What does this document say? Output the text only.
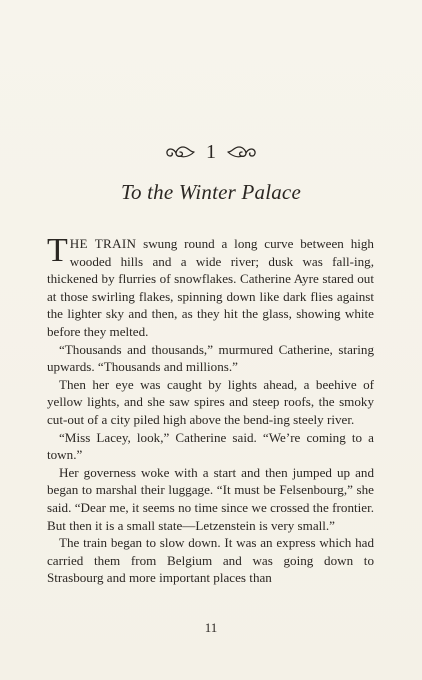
1
To the Winter Palace

THE TRAIN swung round a long curve between high wooded hills and a wide river; dusk was fall-ing, thickened by flurries of snowflakes. Catherine Ayre stared out at those swirling flakes, spinning down like dark flies against the lighter sky and then, as they hit the glass, showing white before they melted.

“Thousands and thousands,” murmured Catherine, staring upwards. “Thousands and millions.”

Then her eye was caught by lights ahead, a beehive of yellow lights, and she saw spires and steep roofs, the smoky cut-out of a city piled high above the bend-ing steely river.

“Miss Lacey, look,” Catherine said. “We’re coming to a town.”

Her governess woke with a start and then jumped up and began to marshal their luggage. “It must be Felsenbourg,” she said. “Dear me, it seems no time since we crossed the frontier. But then it is a small state—Letzenstein is very small.”

The train began to slow down. It was an express which had carried them from Belgium and was going down to Strasbourg and more important places than

11
